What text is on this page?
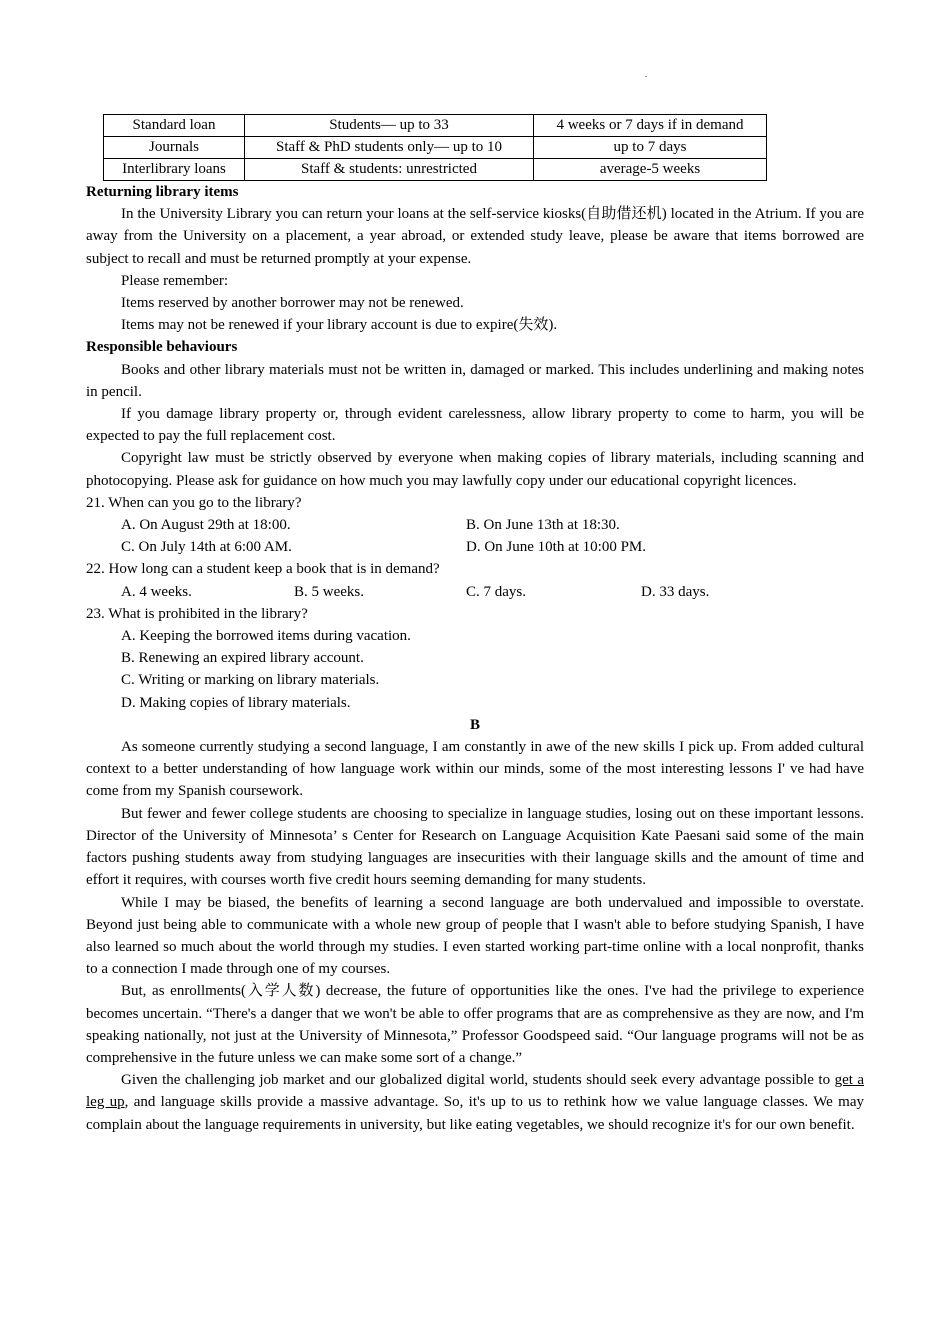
Standard loan	Students— up to 33	4 weeks or 7 days if in demand
Journals	Staff & PhD students only— up to 10	up to 7 days
Interlibrary loans	Staff & students: unrestricted	average-5 weeks
Returning library items

In the University Library you can return your loans at the self-service kiosks(自助借还机) located in the Atrium. If you are away from the University on a placement, a year abroad, or extended study leave, please be aware that items borrowed are subject to recall and must be returned promptly at your expense.

Please remember:

Items reserved by another borrower may not be renewed.

Items may not be renewed if your library account is due to expire(失效).

Responsible behaviours

Books and other library materials must not be written in, damaged or marked. This includes underlining and making notes in pencil.

If you damage library property or, through evident carelessness, allow library property to come to harm, you will be expected to pay the full replacement cost.

Copyright law must be strictly observed by everyone when making copies of library materials, including scanning and photocopying. Please ask for guidance on how much you may lawfully copy under our educational copyright licences.

21. When can you go to the library?

A. On August 29th at 18:00.	B. On June 13th at 18:30.
C. On July 14th at 6:00 AM.	D. On June 10th at 10:00 PM.

22. How long can a student keep a book that is in demand?

A. 4 weeks.	B. 5 weeks.	C. 7 days.	D. 33 days.

23. What is prohibited in the library?

A. Keeping the borrowed items during vacation.

B. Renewing an expired library account.

C. Writing or marking on library materials.

D. Making copies of library materials.

B

As someone currently studying a second language, I am constantly in awe of the new skills I pick up. From added cultural context to a better understanding of how language work within our minds, some of the most interesting lessons I' ve had have come from my Spanish coursework.

But fewer and fewer college students are choosing to specialize in language studies, losing out on these important lessons. Director of the University of Minnesota’ s Center for Research on Language Acquisition Kate Paesani said some of the main factors pushing students away from studying languages are insecurities with their language skills and the amount of time and effort it requires, with courses worth five credit hours seeming demanding for many students.

While I may be biased, the benefits of learning a second language are both undervalued and impossible to overstate. Beyond just being able to communicate with a whole new group of people that I wasn't able to before studying Spanish, I have also learned so much about the world through my studies. I even started working part-time online with a local nonprofit, thanks to a connection I made through one of my courses.

But, as enrollments(入学人数) decrease, the future of opportunities like the ones. I've had the privilege to experience becomes uncertain. “There's a danger that we won't be able to offer programs that are as comprehensive as they are now, and I'm speaking nationally, not just at the University of Minnesota,” Professor Goodspeed said. “Our language programs will not be as comprehensive in the future unless we can make some sort of a change.”

Given the challenging job market and our globalized digital world, students should seek every advantage possible to get a leg up, and language skills provide a massive advantage. So, it's up to us to rethink how we value language classes. We may complain about the language requirements in university, but like eating vegetables, we should recognize it's for our own benefit.
